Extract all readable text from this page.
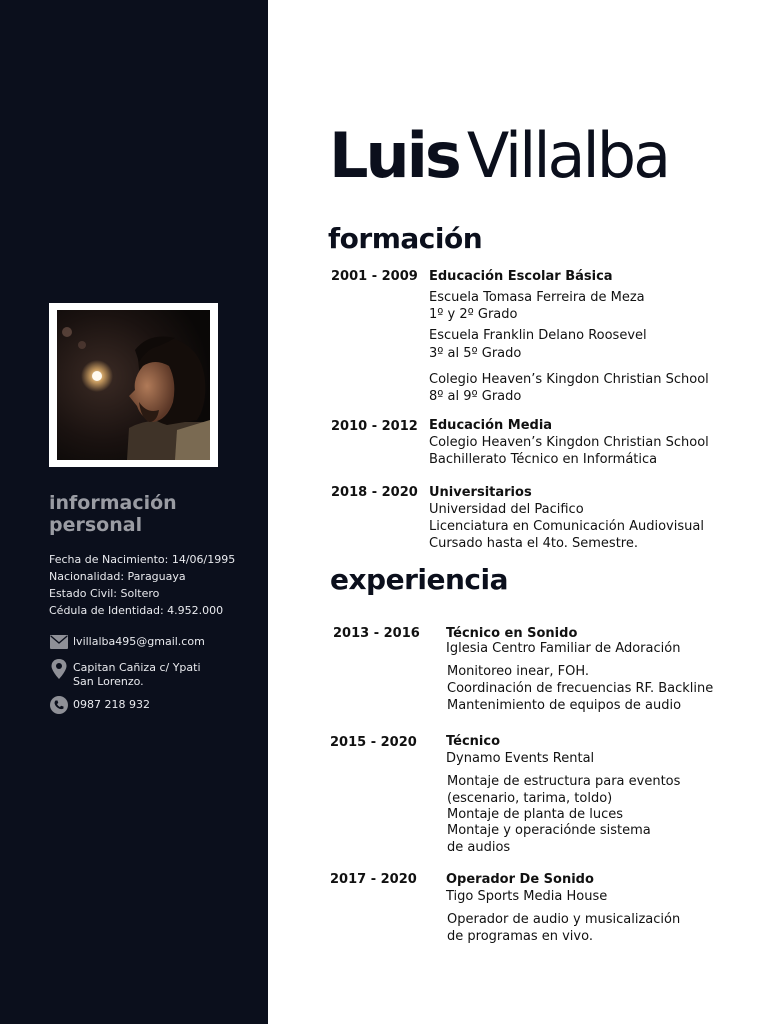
información
personal
Fecha de Nacimiento: 14/06/1995
Nacionalidad: Paraguaya
Estado Civil: Soltero
Cédula de Identidad: 4.952.000
lvillalba495@gmail.com
Capitan Cañiza c/ Ypati
San Lorenzo.
0987 218 932
Luis Villalba
formación
2001 - 2009 Educación Escolar Básica
Escuela Tomasa Ferreira de Meza
1º y 2º Grado
Escuela Franklin Delano Roosevel
3º al 5º Grado
Colegio Heaven’s Kingdon Christian School
8º al 9º Grado
2010 - 2012 Educación Media
Colegio Heaven’s Kingdon Christian School
Bachillerato Técnico en Informática
2018 - 2020 Universitarios
Universidad del Pacifico
Licenciatura en Comunicación Audiovisual
Cursado hasta el 4to. Semestre.
experiencia
2013 - 2016 Técnico en Sonido
Iglesia Centro Familiar de Adoración
Monitoreo inear, FOH.
Coordinación de frecuencias RF. Backline
Mantenimiento de equipos de audio
2015 - 2020 Técnico
Dynamo Events Rental
Montaje de estructura para eventos
(escenario, tarima, toldo)
Montaje de planta de luces
Montaje y operaciónde sistema
de audios
2017 - 2020 Operador De Sonido
Tigo Sports Media House
Operador de audio y musicalización
de programas en vivo.
